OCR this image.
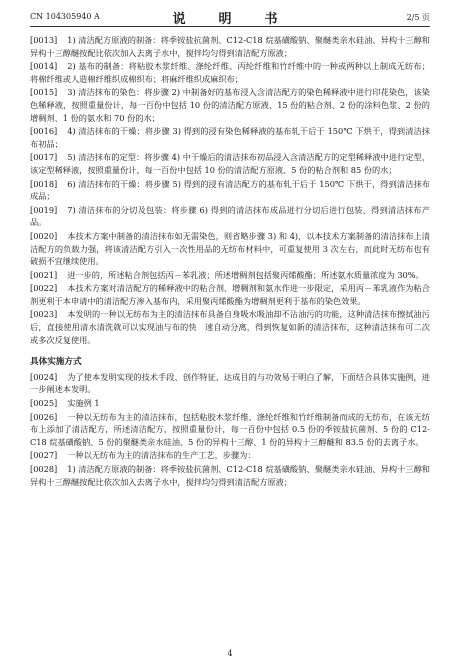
CN 104305940 A	说　明　书	2/5 页

[0013] 1) 清洁配方原液的制备：将季铵盐抗菌剂、C12-C18 烷基磺酸钠、聚醚类亲水硅油、异构十三醇和异构十三醇醚按配比依次加入去离子水中，搅拌均匀得到清洁配方原液；

[0014] 2) 基布的制备：将粘胶木浆纤维、涤纶纤维、丙纶纤维和竹纤维中的一种或两种以上制成无纺布；将棉纤维或人造棉纤维织成棉织布；将麻纤维织成麻织布；

[0015] 3) 清洁抹布的染色：将步骤 2) 中制备好的基布浸入含清洁配方的染色稀释液中进行印花染色，该染色稀释液，按照重量份计，每一百份中包括 10 份的清洁配方原液、15 份的粘合剂、2 份的涂料色浆、2 份的增稠剂、1 份的氨水和 70 份的水；

[0016] 4) 清洁抹布的干燥：将步骤 3) 得到的浸有染色稀释液的基布轧干后于 150℃ 下烘干，得到清洁抹布初品；

[0017] 5) 清洁抹布的定型：将步骤 4) 中干燥后的清洁抹布初品浸入含清洁配方的定型稀释液中进行定型，该定型稀释液，按照重量份计，每一百份中包括 10 份的清洁配方原液、5 份的粘合剂和 85 份的水；

[0018] 6) 清洁抹布的干燥：将步骤 5) 得到的浸有清洁配方的基布轧干后于 150℃ 下烘干，得到清洁抹布成品；

[0019] 7) 清洁抹布的分切及包装：将步骤 6) 得到的清洁抹布成品进行分切后进行包装，得到清洁抹布产品。

[0020] 本技术方案中制备的清洁抹布如无需染色，则省略步骤 3) 和 4)，以本技术方案制备的清洁抹布上清洁配方的负载力强，将该清洁配方引入一次性用品的无纺布材料中，可重复使用 3 次左右，而此时无纺布也有破损不宜继续使用。

[0021] 进一步的，所述粘合剂包括丙－苯乳液；所述增稠剂包括聚丙烯酸酯；所述氨水质量浓度为 30%。

[0022] 本技术方案对清洁配方的稀释液中的粘合剂、增稠剂和氨水作进一步限定，采用丙－苯乳液作为粘合剂更利于本申请中的清洁配方渗入基布内，采用聚丙烯酸酯为增稠剂更利于基布的染色效果。

[0023] 本发明的一种以无纺布为主的清洁抹布具备自身吸水吸油却不沾油污的功能，这种清洁抹布擦拭油污后，直接使用清水清洗就可以实现油与布的快　速自动分离，得到恢复如新的清洁抹布，这种清洁抹布可二次或多次反复使用。

具体实施方式

[0024] 为了使本发明实现的技术手段、创作特征、达成目的与功效易于明白了解，下面结合具体实施例，进一步阐述本发明。

[0025] 实施例 1

[0026] 一种以无纺布为主的清洁抹布，包括粘胶木浆纤维、涤纶纤维和竹纤维制备而成的无纺布，在该无纺布上添加了清洁配方，所述清洁配方，按照重量份计，每一百份中包括 0.5 份的季铵盐抗菌剂、5 份的 C12-C18 烷基磺酸钠、5 份的聚醚类亲水硅油、5 份的异构十三醇、1 份的异构十三醇醚和 83.5 份的去离子水。

[0027] 一种以无纺布为主的清洁抹布的生产工艺，步骤为：

[0028] 1) 清洁配方原液的制备：将季铵盐抗菌剂、C12-C18 烷基磺酸钠、聚醚类亲水硅油、异构十三醇和异构十三醇醚按配比依次加入去离子水中，搅拌均匀得到清洁配方原液；

4
